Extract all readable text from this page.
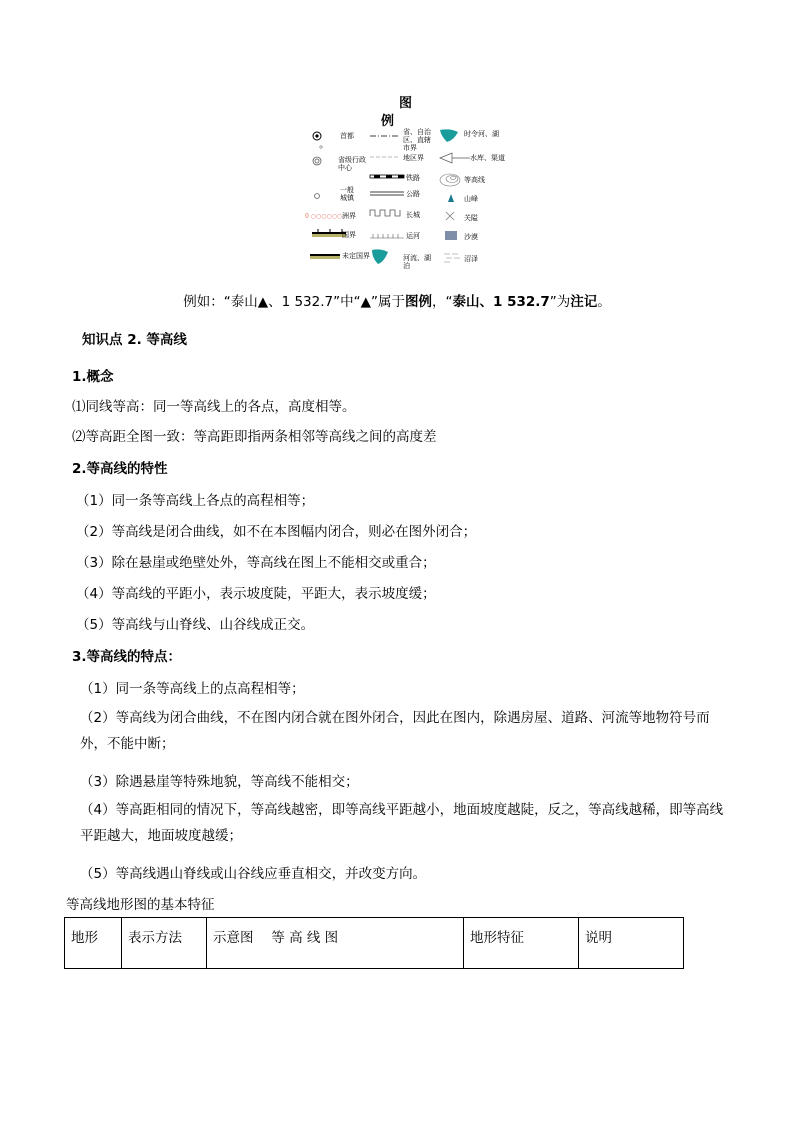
0 ○○○○○○
图
例
首都
省级行政中心
一般城镇
洲界
国界
未定国界
省、自治区、直辖市界
地区界
铁路
公路
长城
运河
河流、湖泊
时令河、湖
水库、渠道
等高线
山峰
关隘
沙漠
沼泽
例如：“泰山▲、1 532.7”中“▲”属于图例，“泰山、1 532.7”为注记。
知识点 2. 等高线
1.概念
⑴同线等高：同一等高线上的各点，高度相等。
⑵等高距全图一致：等高距即指两条相邻等高线之间的高度差
2.等高线的特性
（1）同一条等高线上各点的高程相等；
（2）等高线是闭合曲线，如不在本图幅内闭合，则必在图外闭合；
（3）除在悬崖或绝壁处外，等高线在图上不能相交或重合；
（4）等高线的平距小，表示坡度陡，平距大，表示坡度缓；
（5）等高线与山脊线、山谷线成正交。
3.等高线的特点：
（1）同一条等高线上的点高程相等；
（2）等高线为闭合曲线，不在图内闭合就在图外闭合，因此在图内，除遇房屋、道路、河流等地物符号而外，不能中断；
（3）除遇悬崖等特殊地貌，等高线不能相交；
（4）等高距相同的情况下，等高线越密，即等高线平距越小，地面坡度越陡，反之，等高线越稀，即等高线平距越大，地面坡度越缓；
（5）等高线遇山脊线或山谷线应垂直相交，并改变方向。
等高线地形图的基本特征
地形	表示方法	示意图　 等 高 线 图	地形特征	说明
